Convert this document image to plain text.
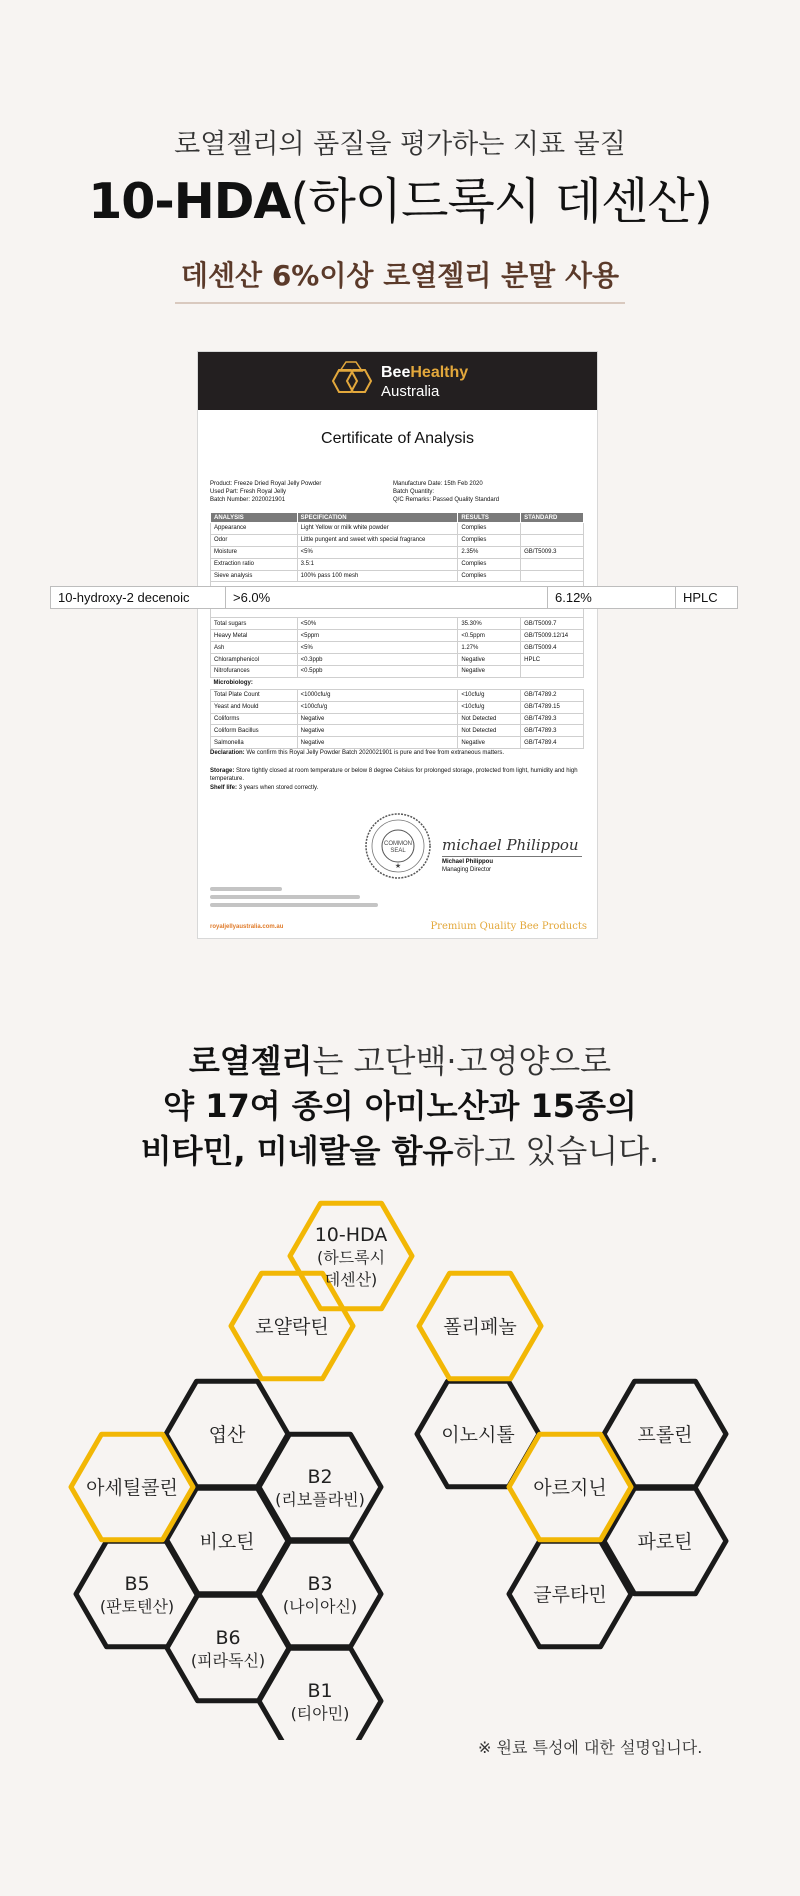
로열젤리의 품질을 평가하는 지표 물질
10-HDA(하이드록시 데센산)
데센산 6%이상 로열젤리 분말 사용
BeeHealthy
Australia
Certificate of Analysis
Product: Freeze Dried Royal Jelly Powder
Used Part: Fresh Royal Jelly
Batch Number: 2020021901
Manufacture Date: 15th Feb 2020
Batch Quantity:
Q/C Remarks: Passed Quality Standard
ANALYSIS	SPECIFICATION	RESULTS	STANDARD
Appearance	Light Yellow or milk white powder	Complies	
Odor	Little pungent and sweet with special fragrance	Complies	
Moisture	<5%	2.35%	GB/T5009.3
Extraction ratio	3.5:1	Complies	
Sieve analysis	100% pass 100 mesh	Complies	

Total sugars	<50%	35.30%	GB/T5009.7
Heavy Metal	<5ppm	<0.5ppm	GB/T5009.12/14
Ash	<5%	1.27%	GB/T5009.4
Chloramphenicol	<0.3ppb	Negative	HPLC
Nitrofurances	<0.5ppb	Negative	
Microbiology:			
Total Plate Count	<1000cfu/g	<10cfu/g	GB/T4789.2
Yeast and Mould	<100cfu/g	<10cfu/g	GB/T4789.15
Coliforms	Negative	Not Detected	GB/T4789.3
Coliform Bacillus	Negative	Not Detected	GB/T4789.3
Salmonella	Negative	Negative	GB/T4789.4
Declaration: We confirm this Royal Jelly Powder Batch 2020021901 is pure and free from extraneous matters.
Storage: Store tightly closed at room temperature or below 8 degree Celsius for prolonged storage, protected from light, humidity and high temperature.
Shelf life: 3 years when stored correctly.
COMMON
SEAL
★
michael Philippou
Michael Philippou
Managing Director
royaljellyaustralia.com.au	Premium Quality Bee Products
10-hydroxy-2 decenoic	>6.0%	6.12%	HPLC
로열젤리는 고단백·고영양으로
약 17여 종의 아미노산과 15종의
비타민, 미네랄을 함유하고 있습니다.
10-HDA
(하드록시
데센산)
로얄락틴	폴리페놀
엽산
아세틸콜린	B2
(리보플라빈)
비오틴
B5
(판토텐산)
B3
(나이아신)
B6
(피라독신)
B1
(티아민)
이노시톨
아르지닌
프롤린
파로틴
글루타민
※ 원료 특성에 대한 설명입니다.
